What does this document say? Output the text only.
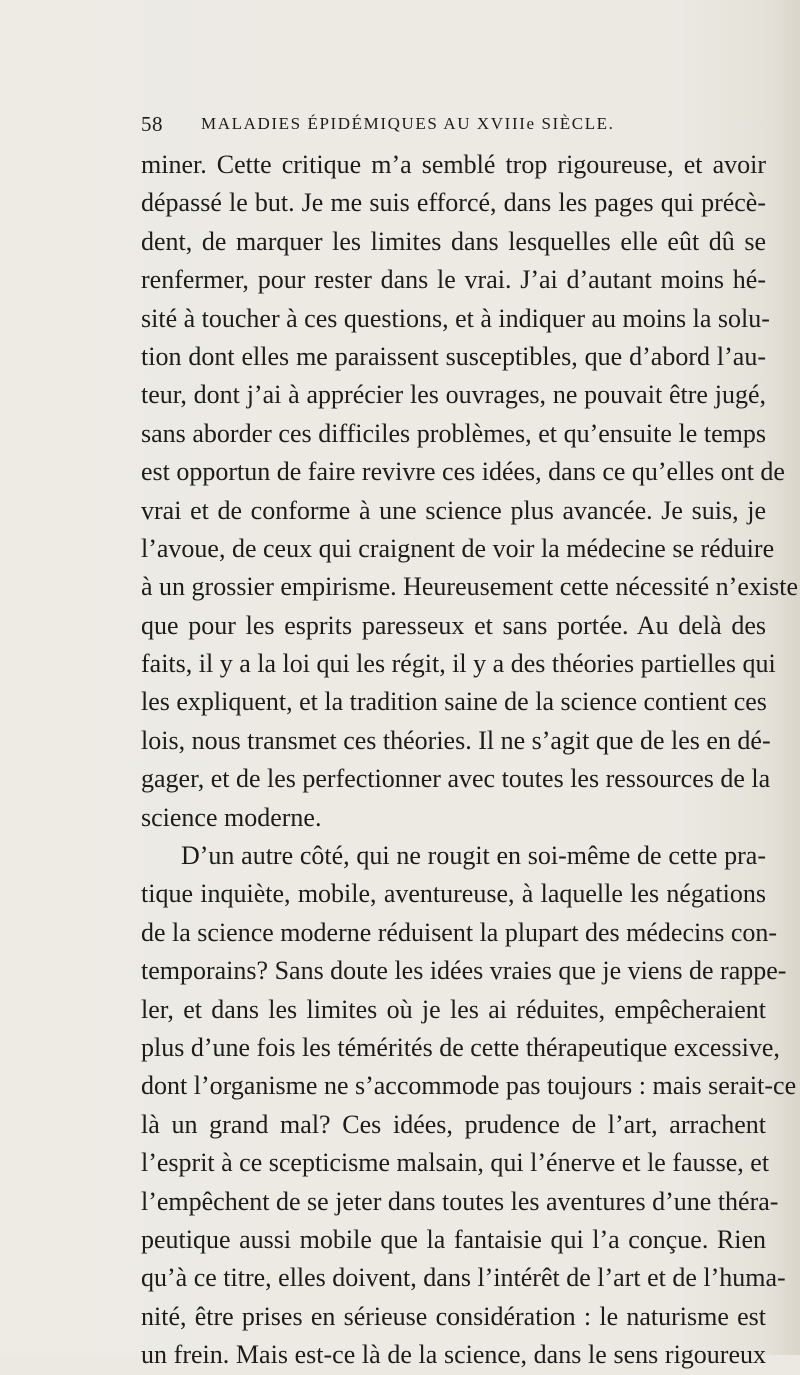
58 MALADIES ÉPIDÉMIQUES AU XVIIIe SIÈCLE.
miner. Cette critique m’a semblé trop rigoureuse, et avoir
dépassé le but. Je me suis efforcé, dans les pages qui précè-
dent, de marquer les limites dans lesquelles elle eût dû se
renfermer, pour rester dans le vrai. J’ai d’autant moins hé-
sité à toucher à ces questions, et à indiquer au moins la solu-
tion dont elles me paraissent susceptibles, que d’abord l’au-
teur, dont j’ai à apprécier les ouvrages, ne pouvait être jugé,
sans aborder ces difficiles problèmes, et qu’ensuite le temps
est opportun de faire revivre ces idées, dans ce qu’elles ont de
vrai et de conforme à une science plus avancée. Je suis, je
l’avoue, de ceux qui craignent de voir la médecine se réduire
à un grossier empirisme. Heureusement cette nécessité n’existe
que pour les esprits paresseux et sans portée. Au delà des
faits, il y a la loi qui les régit, il y a des théories partielles qui
les expliquent, et la tradition saine de la science contient ces
lois, nous transmet ces théories. Il ne s’agit que de les en dé-
gager, et de les perfectionner avec toutes les ressources de la
science moderne.
D’un autre côté, qui ne rougit en soi-même de cette pra-
tique inquiète, mobile, aventureuse, à laquelle les négations
de la science moderne réduisent la plupart des médecins con-
temporains? Sans doute les idées vraies que je viens de rappe-
ler, et dans les limites où je les ai réduites, empêcheraient
plus d’une fois les témérités de cette thérapeutique excessive,
dont l’organisme ne s’accommode pas toujours : mais serait-ce
là un grand mal? Ces idées, prudence de l’art, arrachent
l’esprit à ce scepticisme malsain, qui l’énerve et le fausse, et
l’empêchent de se jeter dans toutes les aventures d’une théra-
peutique aussi mobile que la fantaisie qui l’a conçue. Rien
qu’à ce titre, elles doivent, dans l’intérêt de l’art et de l’huma-
nité, être prises en sérieuse considération : le naturisme est
un frein. Mais est-ce là de la science, dans le sens rigoureux
